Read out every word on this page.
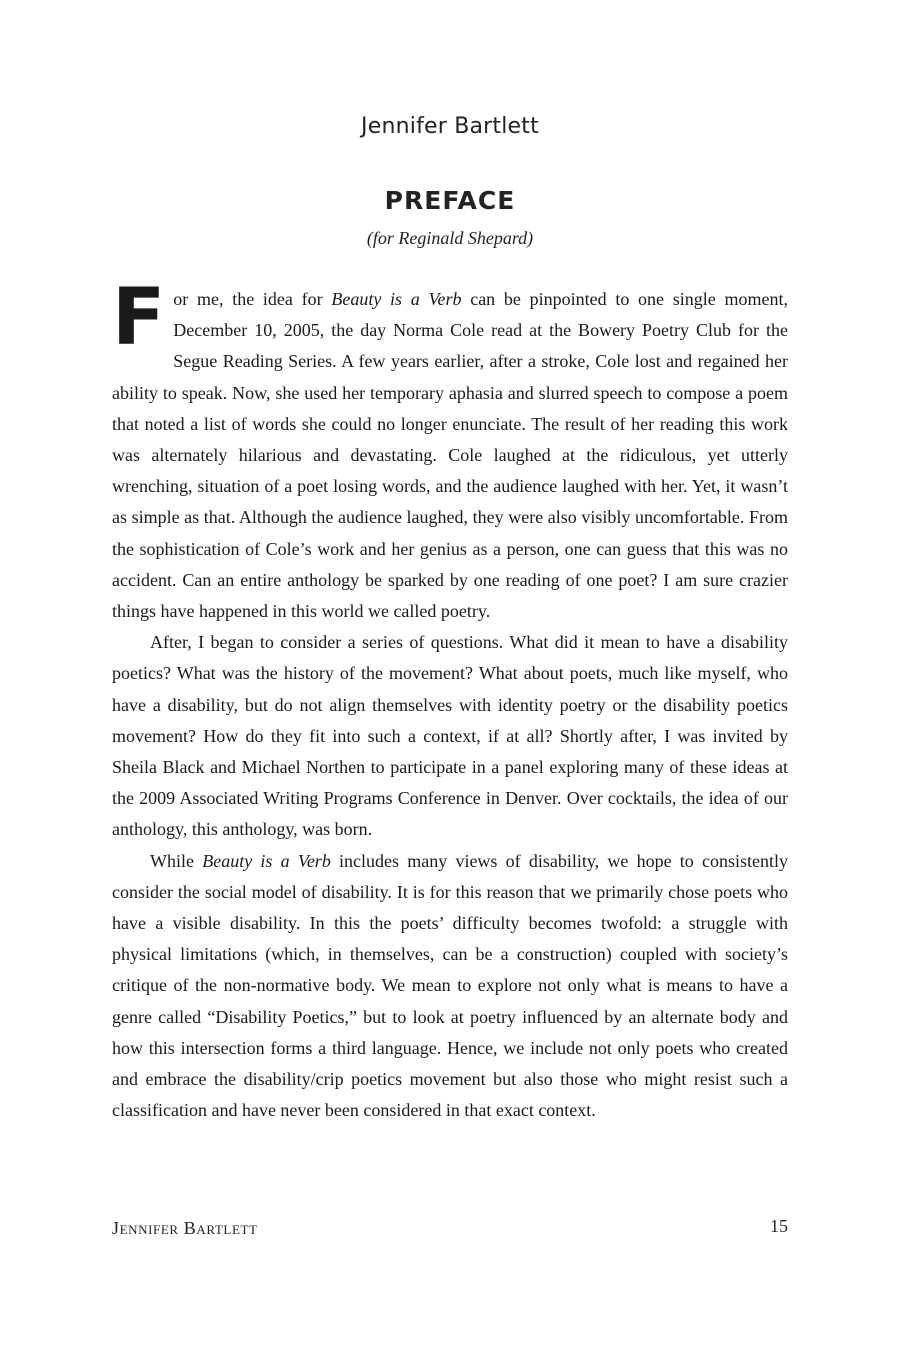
Jennifer Bartlett
PREFACE
(for Reginald Shepard)

For me, the idea for Beauty is a Verb can be pinpointed to one single moment, December 10, 2005, the day Norma Cole read at the Bowery Poetry Club for the Segue Reading Series. A few years earlier, after a stroke, Cole lost and regained her ability to speak. Now, she used her temporary aphasia and slurred speech to compose a poem that noted a list of words she could no longer enunciate. The result of her reading this work was alternately hilarious and devastating. Cole laughed at the ridiculous, yet utterly wrenching, situation of a poet losing words, and the audience laughed with her. Yet, it wasn’t as simple as that. Although the audience laughed, they were also visibly uncomfortable. From the sophistication of Cole’s work and her genius as a person, one can guess that this was no accident. Can an entire anthology be sparked by one reading of one poet? I am sure crazier things have happened in this world we called poetry.

After, I began to consider a series of questions. What did it mean to have a disability poetics? What was the history of the movement? What about poets, much like myself, who have a disability, but do not align themselves with identity poetry or the disability poetics movement? How do they fit into such a context, if at all? Shortly after, I was invited by Sheila Black and Michael Northen to participate in a panel exploring many of these ideas at the 2009 Associated Writing Programs Conference in Denver. Over cocktails, the idea of our anthology, this anthology, was born.

While Beauty is a Verb includes many views of disability, we hope to consistently consider the social model of disability. It is for this reason that we primarily chose poets who have a visible disability. In this the poets’ difficulty becomes twofold: a struggle with physical limitations (which, in themselves, can be a construction) coupled with society’s critique of the non-normative body. We mean to explore not only what is means to have a genre called “Disability Poetics,” but to look at poetry influenced by an alternate body and how this intersection forms a third language. Hence, we include not only poets who created and embrace the disability/crip poetics movement but also those who might resist such a classification and have never been considered in that exact context.

Jennifer Bartlett	15
